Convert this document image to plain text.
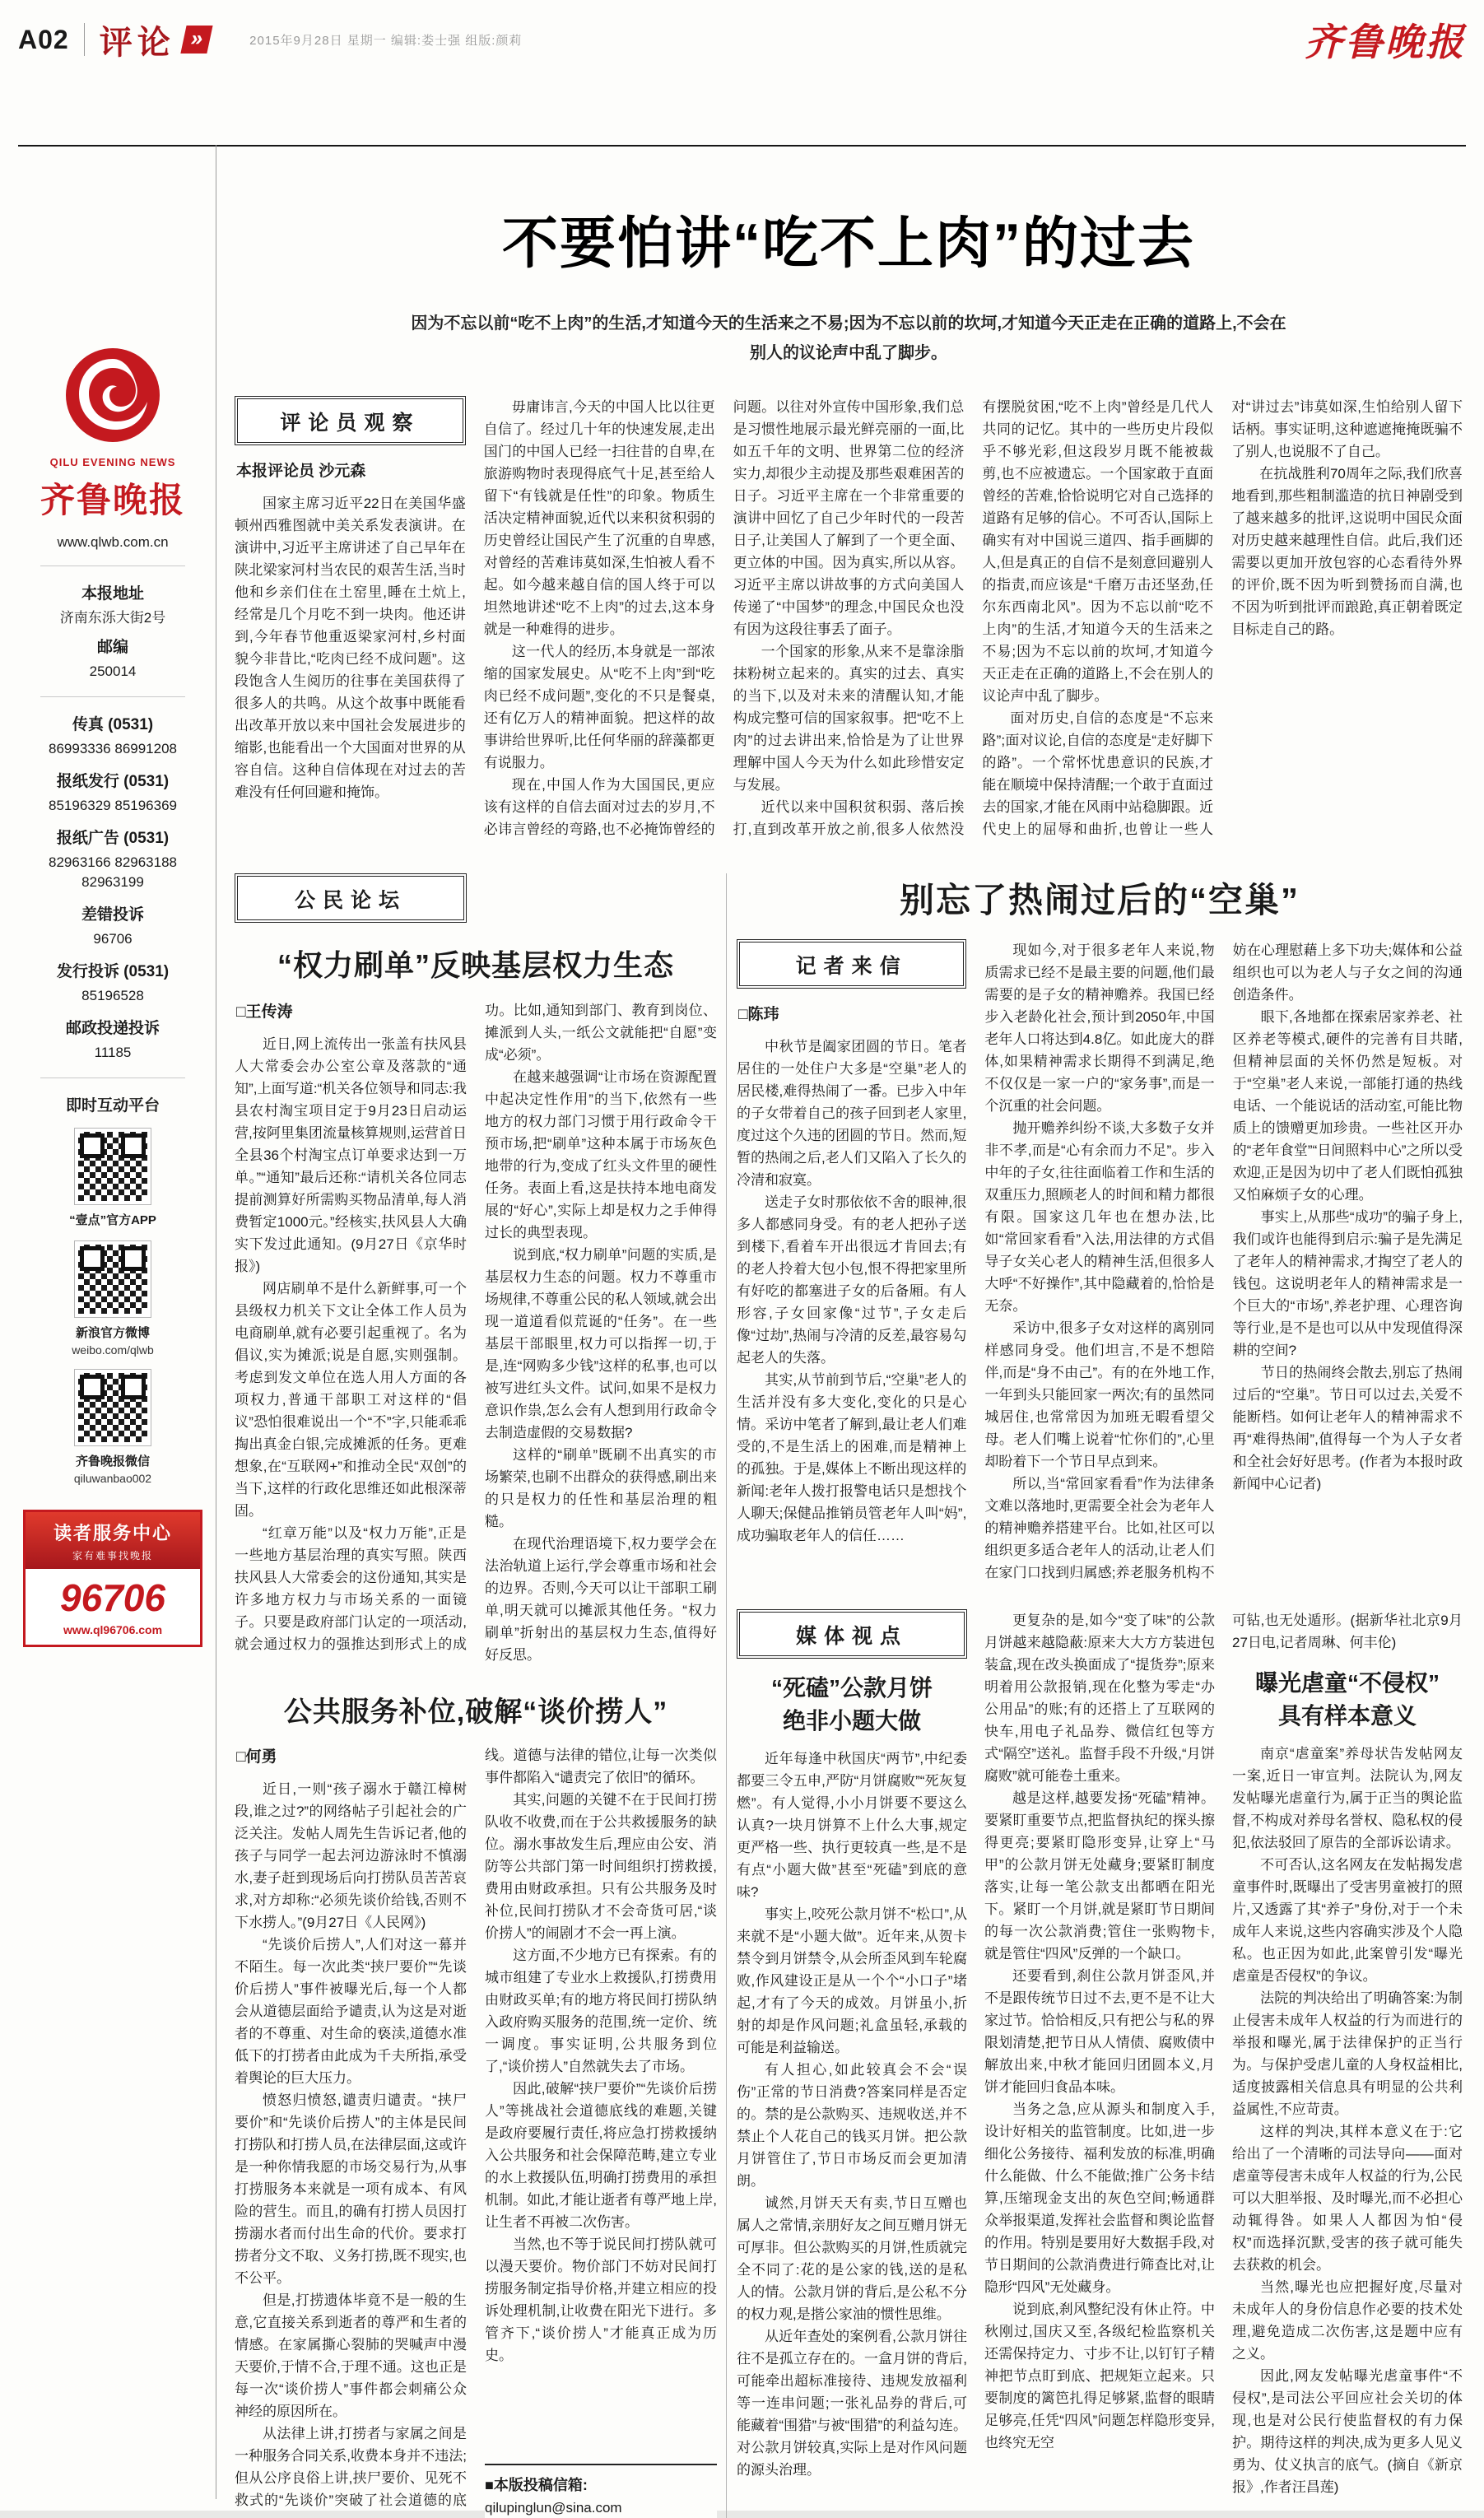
A02 评论 »	2015年9月28日 星期一 编辑:娄士强 组版:颜莉	齐鲁晚报
QILU EVENING NEWS
齐鲁晚报
www.qlwb.com.cn
本报地址
济南东泺大街2号
邮编
250014
传真 (0531)
86993336 86991208
报纸发行 (0531)
85196329 85196369
报纸广告 (0531)
82963166 82963188 82963199
差错投诉
96706
发行投诉 (0531)
85196528
邮政投递投诉
11185
即时互动平台
“壹点”官方APP
新浪官方微博
weibo.com/qlwb
齐鲁晚报微信
qiluwanbao002
读者服务中心
家有难事找晚报
96706
www.ql96706.com
不要怕讲“吃不上肉”的过去

因为不忘以前“吃不上肉”的生活,才知道今天的生活来之不易;因为不忘以前的坎坷,才知道今天正走在正确的道路上,不会在别人的议论声中乱了脚步。

评论员观察
本报评论员 沙元森

国家主席习近平22日在美国华盛顿州西雅图就中美关系发表演讲。在演讲中,习近平主席讲述了自己早年在陕北梁家河村当农民的艰苦生活,当时他和乡亲们住在土窑里,睡在土炕上,经常是几个月吃不到一块肉。他还讲到,今年春节他重返梁家河村,乡村面貌今非昔比,“吃肉已经不成问题”。这段饱含人生阅历的往事在美国获得了很多人的共鸣。从这个故事中既能看出改革开放以来中国社会发展进步的缩影,也能看出一个大国面对世界的从容自信。这种自信体现在对过去的苦难没有任何回避和掩饰。

毋庸讳言,今天的中国人比以往更自信了。经过几十年的快速发展,走出国门的中国人已经一扫往昔的自卑,在旅游购物时表现得底气十足,甚至给人留下“有钱就是任性”的印象。物质生活决定精神面貌,近代以来积贫积弱的历史曾经让国民产生了沉重的自卑感,对曾经的苦难讳莫如深,生怕被人看不起。如今越来越自信的国人终于可以坦然地讲述“吃不上肉”的过去,这本身就是一种难得的进步。

这一代人的经历,本身就是一部浓缩的国家发展史。从“吃不上肉”到“吃肉已经不成问题”,变化的不只是餐桌,还有亿万人的精神面貌。把这样的故事讲给世界听,比任何华丽的辞藻都更有说服力。

现在,中国人作为大国国民,更应该有这样的自信去面对过去的岁月,不必讳言曾经的弯路,也不必掩饰曾经的问题。以往对外宣传中国形象,我们总是习惯性地展示最光鲜亮丽的一面,比如五千年的文明、世界第二位的经济实力,却很少主动提及那些艰难困苦的日子。习近平主席在一个非常重要的演讲中回忆了自己少年时代的一段苦日子,让美国人了解到了一个更全面、更立体的中国。因为真实,所以从容。习近平主席以讲故事的方式向美国人传递了“中国梦”的理念,中国民众也没有因为这段往事丢了面子。

一个国家的形象,从来不是靠涂脂抹粉树立起来的。真实的过去、真实的当下,以及对未来的清醒认知,才能构成完整可信的国家叙事。把“吃不上肉”的过去讲出来,恰恰是为了让世界理解中国人今天为什么如此珍惜安定与发展。

近代以来中国积贫积弱、落后挨打,直到改革开放之前,很多人依然没有摆脱贫困,“吃不上肉”曾经是几代人共同的记忆。其中的一些历史片段似乎不够光彩,但这段岁月既不能被裁剪,也不应被遗忘。一个国家敢于直面曾经的苦难,恰恰说明它对自己选择的道路有足够的信心。不可否认,国际上确实有对中国说三道四、指手画脚的人,但是真正的自信不是刻意回避别人的指责,而应该是“千磨万击还坚劲,任尔东西南北风”。因为不忘以前“吃不上肉”的生活,才知道今天的生活来之不易;因为不忘以前的坎坷,才知道今天正走在正确的道路上,不会在别人的议论声中乱了脚步。

面对历史,自信的态度是“不忘来路”;面对议论,自信的态度是“走好脚下的路”。一个常怀忧患意识的民族,才能在顺境中保持清醒;一个敢于直面过去的国家,才能在风雨中站稳脚跟。近代史上的屈辱和曲折,也曾让一些人对“讲过去”讳莫如深,生怕给别人留下话柄。事实证明,这种遮遮掩掩既骗不了别人,也说服不了自己。

在抗战胜利70周年之际,我们欣喜地看到,那些粗制滥造的抗日神剧受到了越来越多的批评,这说明中国民众面对历史越来越理性自信。此后,我们还需要以更加开放包容的心态看待外界的评价,既不因为听到赞扬而自满,也不因为听到批评而踉跄,真正朝着既定目标走自己的路。

公民论坛
“权力刷单”反映基层权力生态
□王传涛

近日,网上流传出一张盖有扶风县人大常委会办公室公章及落款的“通知”,上面写道:“机关各位领导和同志:我县农村淘宝项目定于9月23日启动运营,按阿里集团流量核算规则,运营首日全县36个村淘宝点订单要求达到一万单。”“通知”最后还称:“请机关各位同志提前测算好所需购买物品清单,每人消费暂定1000元。”经核实,扶风县人大确实下发过此通知。(9月27日《京华时报》)

网店刷单不是什么新鲜事,可一个县级权力机关下文让全体工作人员为电商刷单,就有必要引起重视了。名为倡议,实为摊派;说是自愿,实则强制。考虑到发文单位在选人用人方面的各项权力,普通干部职工对这样的“倡议”恐怕很难说出一个“不”字,只能乖乖掏出真金白银,完成摊派的任务。更难想象,在“互联网+”和推动全民“双创”的当下,这样的行政化思维还如此根深蒂固。

“红章万能”以及“权力万能”,正是一些地方基层治理的真实写照。陕西扶风县人大常委会的这份通知,其实是许多地方权力与市场关系的一面镜子。只要是政府部门认定的一项活动,就会通过权力的强推达到形式上的成功。比如,通知到部门、教育到岗位、摊派到人头,一纸公文就能把“自愿”变成“必须”。

在越来越强调“让市场在资源配置中起决定性作用”的当下,依然有一些地方的权力部门习惯于用行政命令干预市场,把“刷单”这种本属于市场灰色地带的行为,变成了红头文件里的硬性任务。表面上看,这是扶持本地电商发展的“好心”,实际上却是权力之手伸得过长的典型表现。

说到底,“权力刷单”问题的实质,是基层权力生态的问题。权力不尊重市场规律,不尊重公民的私人领域,就会出现一道道看似荒诞的“任务”。在一些基层干部眼里,权力可以指挥一切,于是,连“网购多少钱”这样的私事,也可以被写进红头文件。试问,如果不是权力意识作祟,怎么会有人想到用行政命令去制造虚假的交易数据?

这样的“刷单”既刷不出真实的市场繁荣,也刷不出群众的获得感,刷出来的只是权力的任性和基层治理的粗糙。

在现代治理语境下,权力要学会在法治轨道上运行,学会尊重市场和社会的边界。否则,今天可以让干部职工刷单,明天就可以摊派其他任务。“权力刷单”折射出的基层权力生态,值得好好反思。

公共服务补位,破解“谈价捞人”
□何勇

近日,一则“孩子溺水于赣江樟树段,谁之过?”的网络帖子引起社会的广泛关注。发帖人周先生告诉记者,他的孩子与同学一起去河边游泳时不慎溺水,妻子赶到现场后向打捞队员苦苦哀求,对方却称:“必须先谈价给钱,否则不下水捞人。”(9月27日《人民网》)

“先谈价后捞人”,人们对这一幕并不陌生。每一次此类“挟尸要价”“先谈价后捞人”事件被曝光后,每一个人都会从道德层面给予谴责,认为这是对逝者的不尊重、对生命的亵渎,道德水准低下的打捞者由此成为千夫所指,承受着舆论的巨大压力。

愤怒归愤怒,谴责归谴责。“挟尸要价”和“先谈价后捞人”的主体是民间打捞队和打捞人员,在法律层面,这或许是一种你情我愿的市场交易行为,从事打捞服务本来就是一项有成本、有风险的营生。而且,的确有打捞人员因打捞溺水者而付出生命的代价。要求打捞者分文不取、义务打捞,既不现实,也不公平。

但是,打捞遗体毕竟不是一般的生意,它直接关系到逝者的尊严和生者的情感。在家属撕心裂肺的哭喊声中漫天要价,于情不合,于理不通。这也正是每一次“谈价捞人”事件都会刺痛公众神经的原因所在。

从法律上讲,打捞者与家属之间是一种服务合同关系,收费本身并不违法;但从公序良俗上讲,挟尸要价、见死不救式的“先谈价”突破了社会道德的底线。道德与法律的错位,让每一次类似事件都陷入“谴责完了依旧”的循环。

其实,问题的关键不在于民间打捞队收不收费,而在于公共救援服务的缺位。溺水事故发生后,理应由公安、消防等公共部门第一时间组织打捞救援,费用由财政承担。只有公共服务及时补位,民间打捞队才不会奇货可居,“谈价捞人”的闹剧才不会一再上演。

这方面,不少地方已有探索。有的城市组建了专业水上救援队,打捞费用由财政买单;有的地方将民间打捞队纳入政府购买服务的范围,统一定价、统一调度。事实证明,公共服务到位了,“谈价捞人”自然就失去了市场。

因此,破解“挟尸要价”“先谈价后捞人”等挑战社会道德底线的难题,关键是政府要履行责任,将应急打捞救援纳入公共服务和社会保障范畴,建立专业的水上救援队伍,明确打捞费用的承担机制。如此,才能让逝者有尊严地上岸,让生者不再被二次伤害。

当然,也不等于说民间打捞队就可以漫天要价。物价部门不妨对民间打捞服务制定指导价格,并建立相应的投诉处理机制,让收费在阳光下进行。多管齐下,“谈价捞人”才能真正成为历史。

■本版投稿信箱:
qilupinglun@sina.com
别忘了热闹过后的“空巢”
记者来信
□陈玮

中秋节是阖家团圆的节日。笔者居住的一处住户大多是“空巢”老人的居民楼,难得热闹了一番。已步入中年的子女带着自己的孩子回到老人家里,度过这个久违的团圆的节日。然而,短暂的热闹之后,老人们又陷入了长久的冷清和寂寞。

送走子女时那依依不舍的眼神,很多人都感同身受。有的老人把孙子送到楼下,看着车开出很远才肯回去;有的老人拎着大包小包,恨不得把家里所有好吃的都塞进子女的后备厢。有人形容,子女回家像“过节”,子女走后像“过劫”,热闹与冷清的反差,最容易勾起老人的失落。

其实,从节前到节后,“空巢”老人的生活并没有多大变化,变化的只是心情。采访中笔者了解到,最让老人们难受的,不是生活上的困难,而是精神上的孤独。于是,媒体上不断出现这样的新闻:老年人拨打报警电话只是想找个人聊天;保健品推销员管老年人叫“妈”,成功骗取老年人的信任……

现如今,对于很多老年人来说,物质需求已经不是最主要的问题,他们最需要的是子女的精神赡养。我国已经步入老龄化社会,预计到2050年,中国老年人口将达到4.8亿。如此庞大的群体,如果精神需求长期得不到满足,绝不仅仅是一家一户的“家务事”,而是一个沉重的社会问题。

抛开赡养纠纷不谈,大多数子女并非不孝,而是“心有余而力不足”。步入中年的子女,往往面临着工作和生活的双重压力,照顾老人的时间和精力都很有限。国家这几年也在想办法,比如“常回家看看”入法,用法律的方式倡导子女关心老人的精神生活,但很多人大呼“不好操作”,其中隐藏着的,恰恰是无奈。

采访中,很多子女对这样的离别同样感同身受。他们坦言,不是不想陪伴,而是“身不由己”。有的在外地工作,一年到头只能回家一两次;有的虽然同城居住,也常常因为加班无暇看望父母。老人们嘴上说着“忙你们的”,心里却盼着下一个节日早点到来。

所以,当“常回家看看”作为法律条文难以落地时,更需要全社会为老年人的精神赡养搭建平台。比如,社区可以组织更多适合老年人的活动,让老人们在家门口找到归属感;养老服务机构不妨在心理慰藉上多下功夫;媒体和公益组织也可以为老人与子女之间的沟通创造条件。

眼下,各地都在探索居家养老、社区养老等模式,硬件的完善有目共睹,但精神层面的关怀仍然是短板。对于“空巢”老人来说,一部能打通的热线电话、一个能说话的活动室,可能比物质上的馈赠更加珍贵。一些社区开办的“老年食堂”“日间照料中心”之所以受欢迎,正是因为切中了老人们既怕孤独又怕麻烦子女的心理。

事实上,从那些“成功”的骗子身上,我们或许也能得到启示:骗子是先满足了老年人的精神需求,才掏空了老人的钱包。这说明老年人的精神需求是一个巨大的“市场”,养老护理、心理咨询等行业,是不是也可以从中发现值得深耕的空间?

节日的热闹终会散去,别忘了热闹过后的“空巢”。节日可以过去,关爱不能断档。如何让老年人的精神需求不再“难得热闹”,值得每一个为人子女者和全社会好好思考。(作者为本报时政新闻中心记者)

媒体视点
“死磕”公款月饼
绝非小题大做

近年每逢中秋国庆“两节”,中纪委都要三令五申,严防“月饼腐败”“死灰复燃”。有人觉得,小小月饼要不要这么认真?一块月饼算不上什么大事,规定更严格一些、执行更较真一些,是不是有点“小题大做”甚至“死磕”到底的意味?

事实上,咬死公款月饼不“松口”,从来就不是“小题大做”。近年来,从贺卡禁令到月饼禁令,从会所歪风到车轮腐败,作风建设正是从一个个“小口子”堵起,才有了今天的成效。月饼虽小,折射的却是作风问题;礼盒虽轻,承载的可能是利益输送。

有人担心,如此较真会不会“误伤”正常的节日消费?答案同样是否定的。禁的是公款购买、违规收送,并不禁止个人花自己的钱买月饼。把公款月饼管住了,节日市场反而会更加清朗。

诚然,月饼天天有卖,节日互赠也属人之常情,亲朋好友之间互赠月饼无可厚非。但公款购买的月饼,性质就完全不同了:花的是公家的钱,送的是私人的情。公款月饼的背后,是公私不分的权力观,是揩公家油的惯性思维。

从近年查处的案例看,公款月饼往往不是孤立存在的。一盒月饼的背后,可能牵出超标准接待、违规发放福利等一连串问题;一张礼品券的背后,可能藏着“围猎”与被“围猎”的利益勾连。对公款月饼较真,实际上是对作风问题的源头治理。

更复杂的是,如今“变了味”的公款月饼越来越隐蔽:原来大大方方装进包装盒,现在改头换面成了“提货券”;原来明着用公款报销,现在化整为零走“办公用品”的账;有的还搭上了互联网的快车,用电子礼品券、微信红包等方式“隔空”送礼。监督手段不升级,“月饼腐败”就可能卷土重来。

越是这样,越要发扬“死磕”精神。要紧盯重要节点,把监督执纪的探头擦得更亮;要紧盯隐形变异,让穿上“马甲”的公款月饼无处藏身;要紧盯制度落实,让每一笔公款支出都晒在阳光下。紧盯一个月饼,就是紧盯节日期间的每一次公款消费;管住一张购物卡,就是管住“四风”反弹的一个缺口。

还要看到,刹住公款月饼歪风,并不是跟传统节日过不去,更不是不让大家过节。恰恰相反,只有把公与私的界限划清楚,把节日从人情债、腐败债中解放出来,中秋才能回归团圆本义,月饼才能回归食品本味。

当务之急,应从源头和制度入手,设计好相关的监管制度。比如,进一步细化公务接待、福利发放的标准,明确什么能做、什么不能做;推广公务卡结算,压缩现金支出的灰色空间;畅通群众举报渠道,发挥社会监督和舆论监督的作用。特别是要用好大数据手段,对节日期间的公款消费进行筛查比对,让隐形“四风”无处藏身。

说到底,刹风整纪没有休止符。中秋刚过,国庆又至,各级纪检监察机关还需保持定力、寸步不让,以钉钉子精神把节点盯到底、把规矩立起来。只要制度的篱笆扎得足够紧,监督的眼睛足够亮,任凭“四风”问题怎样隐形变异,也终究无空

可钻,也无处遁形。(据新华社北京9月27日电,记者周琳、何丰伦)

曝光虐童“不侵权”
具有样本意义

南京“虐童案”养母状告发帖网友一案,近日一审宣判。法院认为,网友发帖曝光虐童行为,属于正当的舆论监督,不构成对养母名誉权、隐私权的侵犯,依法驳回了原告的全部诉讼请求。

不可否认,这名网友在发帖揭发虐童事件时,既曝出了受害男童被打的照片,又透露了其“养子”身份,对于一个未成年人来说,这些内容确实涉及个人隐私。也正因为如此,此案曾引发“曝光虐童是否侵权”的争议。

法院的判决给出了明确答案:为制止侵害未成年人权益的行为而进行的举报和曝光,属于法律保护的正当行为。与保护受虐儿童的人身权益相比,适度披露相关信息具有明显的公共利益属性,不应苛责。

这样的判决,其样本意义在于:它给出了一个清晰的司法导向——面对虐童等侵害未成年人权益的行为,公民可以大胆举报、及时曝光,而不必担心动辄得咎。如果人人都因为怕“侵权”而选择沉默,受害的孩子就可能失去获救的机会。

当然,曝光也应把握好度,尽量对未成年人的身份信息作必要的技术处理,避免造成二次伤害,这是题中应有之义。

因此,网友发帖曝光虐童事件“不侵权”,是司法公平回应社会关切的体现,也是对公民行使监督权的有力保护。期待这样的判决,成为更多人见义勇为、仗义执言的底气。(摘自《新京报》,作者汪昌莲)
